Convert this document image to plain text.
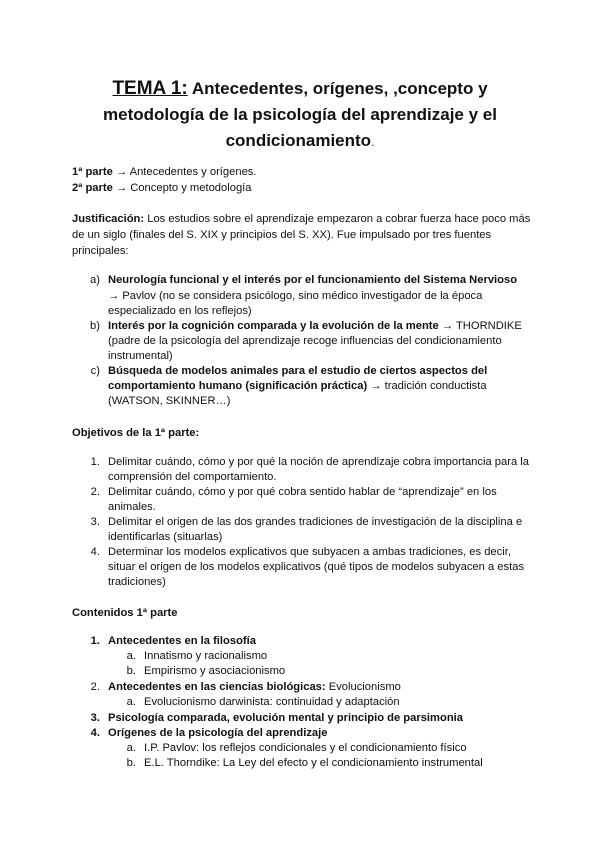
TEMA 1: Antecedentes, orígenes, ,concepto y
metodología de la psicología del aprendizaje y el
condicionamiento.
1ª parte → Antecedentes y orígenes.
2ª parte → Concepto y metodología
Justificación: Los estudios sobre el aprendizaje empezaron a cobrar fuerza hace poco más
de un siglo (finales del S. XIX y principios del S. XX). Fue impulsado por tres fuentes
principales:
a) Neurología funcional y el interés por el funcionamiento del Sistema Nervioso
→ Pavlov (no se considera psicólogo, sino médico investigador de la época
especializado en los reflejos)
b) Interés por la cognición comparada y la evolución de la mente → THORNDIKE
(padre de la psicología del aprendizaje recoge influencias del condicionamiento
instrumental)
c) Búsqueda de modelos animales para el estudio de ciertos aspectos del
comportamiento humano (significación práctica) → tradición conductista
(WATSON, SKINNER…)
Objetivos de la 1ª parte:
1. Delimitar cuándo, cómo y por qué la noción de aprendizaje cobra importancia para la
comprensión del comportamiento.
2. Delimitar cuándo, cómo y por qué cobra sentido hablar de “aprendizaje” en los
animales.
3. Delimitar el origen de las dos grandes tradiciones de investigación de la disciplina e
identificarlas (situarlas)
4. Determinar los modelos explicativos que subyacen a ambas tradiciones, es decir,
situar el origen de los modelos explicativos (qué tipos de modelos subyacen a estas
tradiciones)
Contenidos 1ª parte
1. Antecedentes en la filosofía
a. Innatismo y racionalismo
b. Empirismo y asociacionismo
2. Antecedentes en las ciencias biológicas: Evolucionismo
a. Evolucionismo darwinista: continuidad y adaptación
3. Psicología comparada, evolución mental y principio de parsimonia
4. Orígenes de la psicología del aprendizaje
a. I.P. Pavlov: los reflejos condicionales y el condicionamiento físico
b. E.L. Thorndike: La Ley del efecto y el condicionamiento instrumental
